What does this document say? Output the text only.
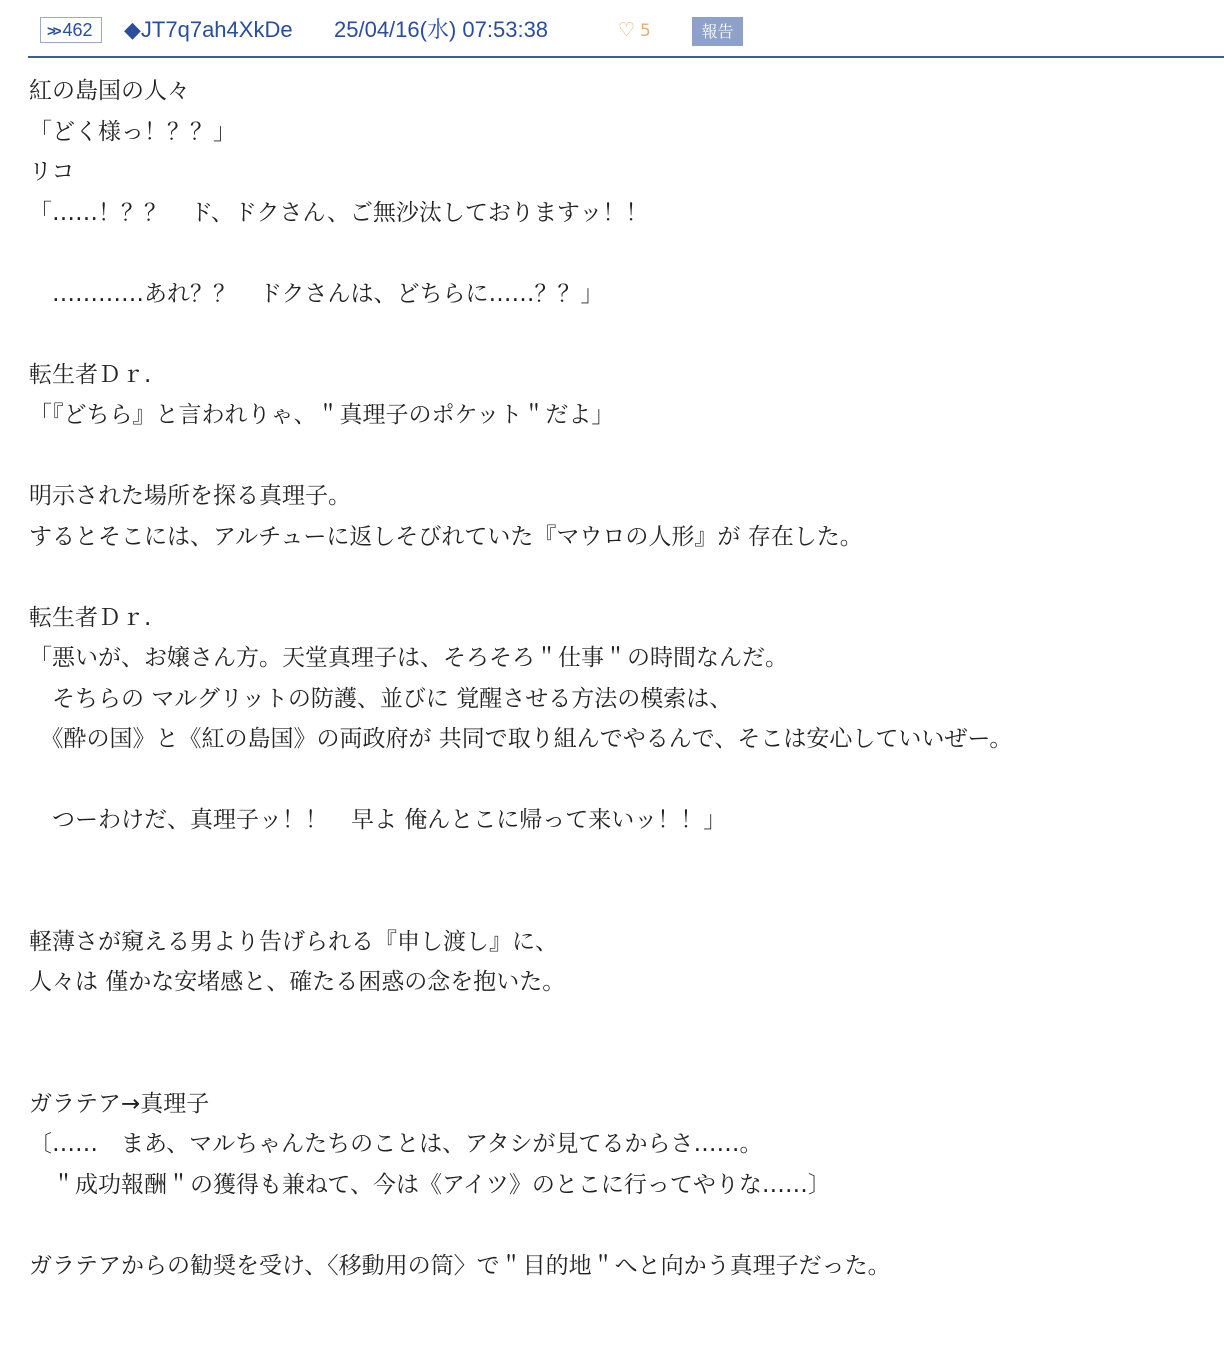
>> 462	◆JT7q7ah4XkDe 25/04/16(水) 07:53:38	♡ 5	報告
紅の島国の人々
「どく様っ！？？」
リコ
「……！？？　ド、ドクさん、ご無沙汰しておりますッ！！
　…………あれ？？　ドクさんは、どちらに……？？」
転生者Ｄｒ.
「『どちら』と言われりゃ、＂真理子のポケット＂だよ」
明示された場所を探る真理子。
するとそこには、アルチューに返しそびれていた『マウロの人形』が 存在した。
転生者Ｄｒ.
「悪いが、お嬢さん方。天堂真理子は、そろそろ＂仕事＂の時間なんだ。
　そちらの マルグリットの防護、並びに 覚醒させる方法の模索は、
　《酔の国》と《紅の島国》の両政府が 共同で取り組んでやるんで、そこは安心していいぜー。
　つーわけだ、真理子ッ！！　早よ 俺んとこに帰って来いッ！！」
軽薄さが窺える男より告げられる『申し渡し』に、
人々は 僅かな安堵感と、確たる困惑の念を抱いた。
ガラテア→真理子
〔……　まあ、マルちゃんたちのことは、アタシが見てるからさ……。
　＂成功報酬＂の獲得も兼ねて、今は《アイツ》のとこに行ってやりな……〕
ガラテアからの勧奨を受け、〈移動用の筒〉で＂目的地＂へと向かう真理子だった。
